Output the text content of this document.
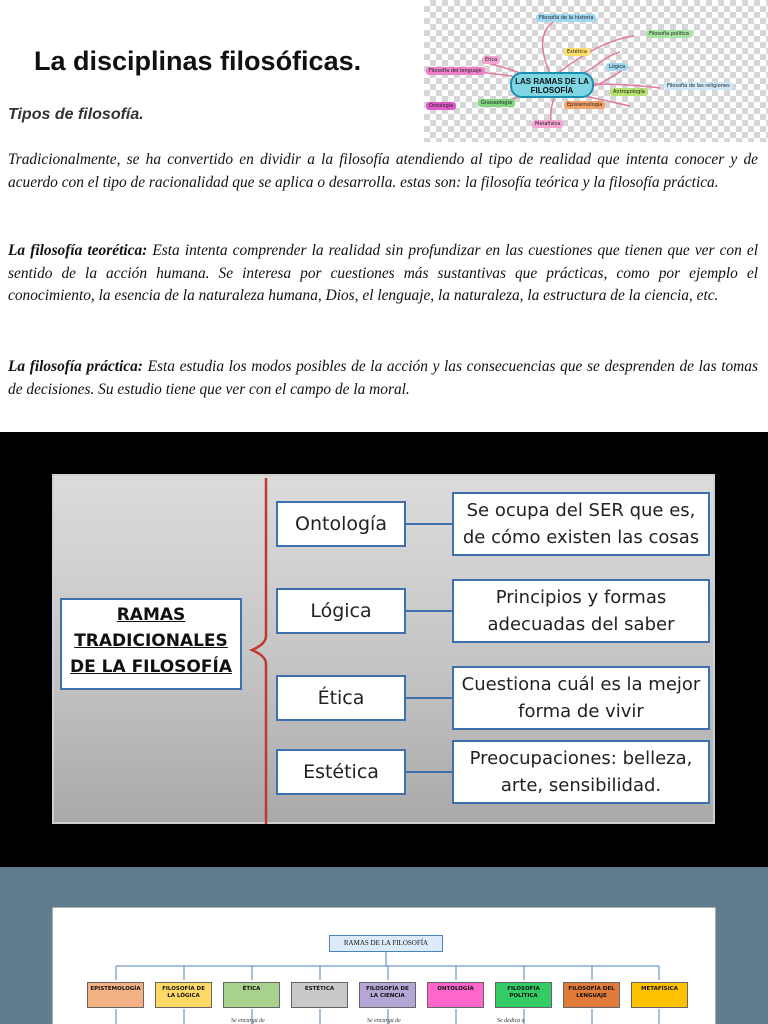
La disciplinas filosóficas.
Tipos de filosofía.
Filosofía de la historia
Filosofía política
Ética
Estética
Lógica
Filosofía del lenguaje
Gnoseología	Epistemología
Antropología
Filosofía de las religiones
Metafísica
Ontología
LAS RAMAS DE LA FILOSOFÍA

Tradicionalmente, se ha convertido en dividir a la filosofía atendiendo al tipo de realidad que intenta conocer y de acuerdo con el tipo de racionalidad que se aplica o desarrolla. estas son: la filosofía teórica y la filosofía práctica.

La filosofía teorética: Esta intenta comprender la realidad sin profundizar en las cuestiones que tienen que ver con el sentido de la acción humana. Se interesa por cuestiones más sustantivas que prácticas, como por ejemplo el conocimiento, la esencia de la naturaleza humana, Dios, el lenguaje, la naturaleza, la estructura de la ciencia, etc.

La filosofía práctica: Esta estudia los modos posibles de la acción y las consecuencias que se desprenden de las tomas de decisiones. Su estudio tiene que ver con el campo de la moral.

RAMAS
TRADICIONALES
DE LA FILOSOFÍA
Ontología
Se ocupa del SER que es,
de cómo existen las cosas
Lógica
Principios y formas
adecuadas del saber
Ética
Cuestiona cuál es la mejor
forma de vivir
Estética
Preocupaciones: belleza,
arte, sensibilidad.
RAMAS DE LA FILOSOFÍA
EPISTEMOLOGÍA	FILOSOFÍA DE
LA LÓGICA
ÉTICA	ESTÉTICA	FILOSOFÍA DE
LA CIENCIA
ONTOLOGÍA	FILOSOFÍA
POLÍTICA
FILOSOFÍA DEL
LENGUAJE
METAFÍSICA
Se encarga de	Se encarga de	Se dedica a
